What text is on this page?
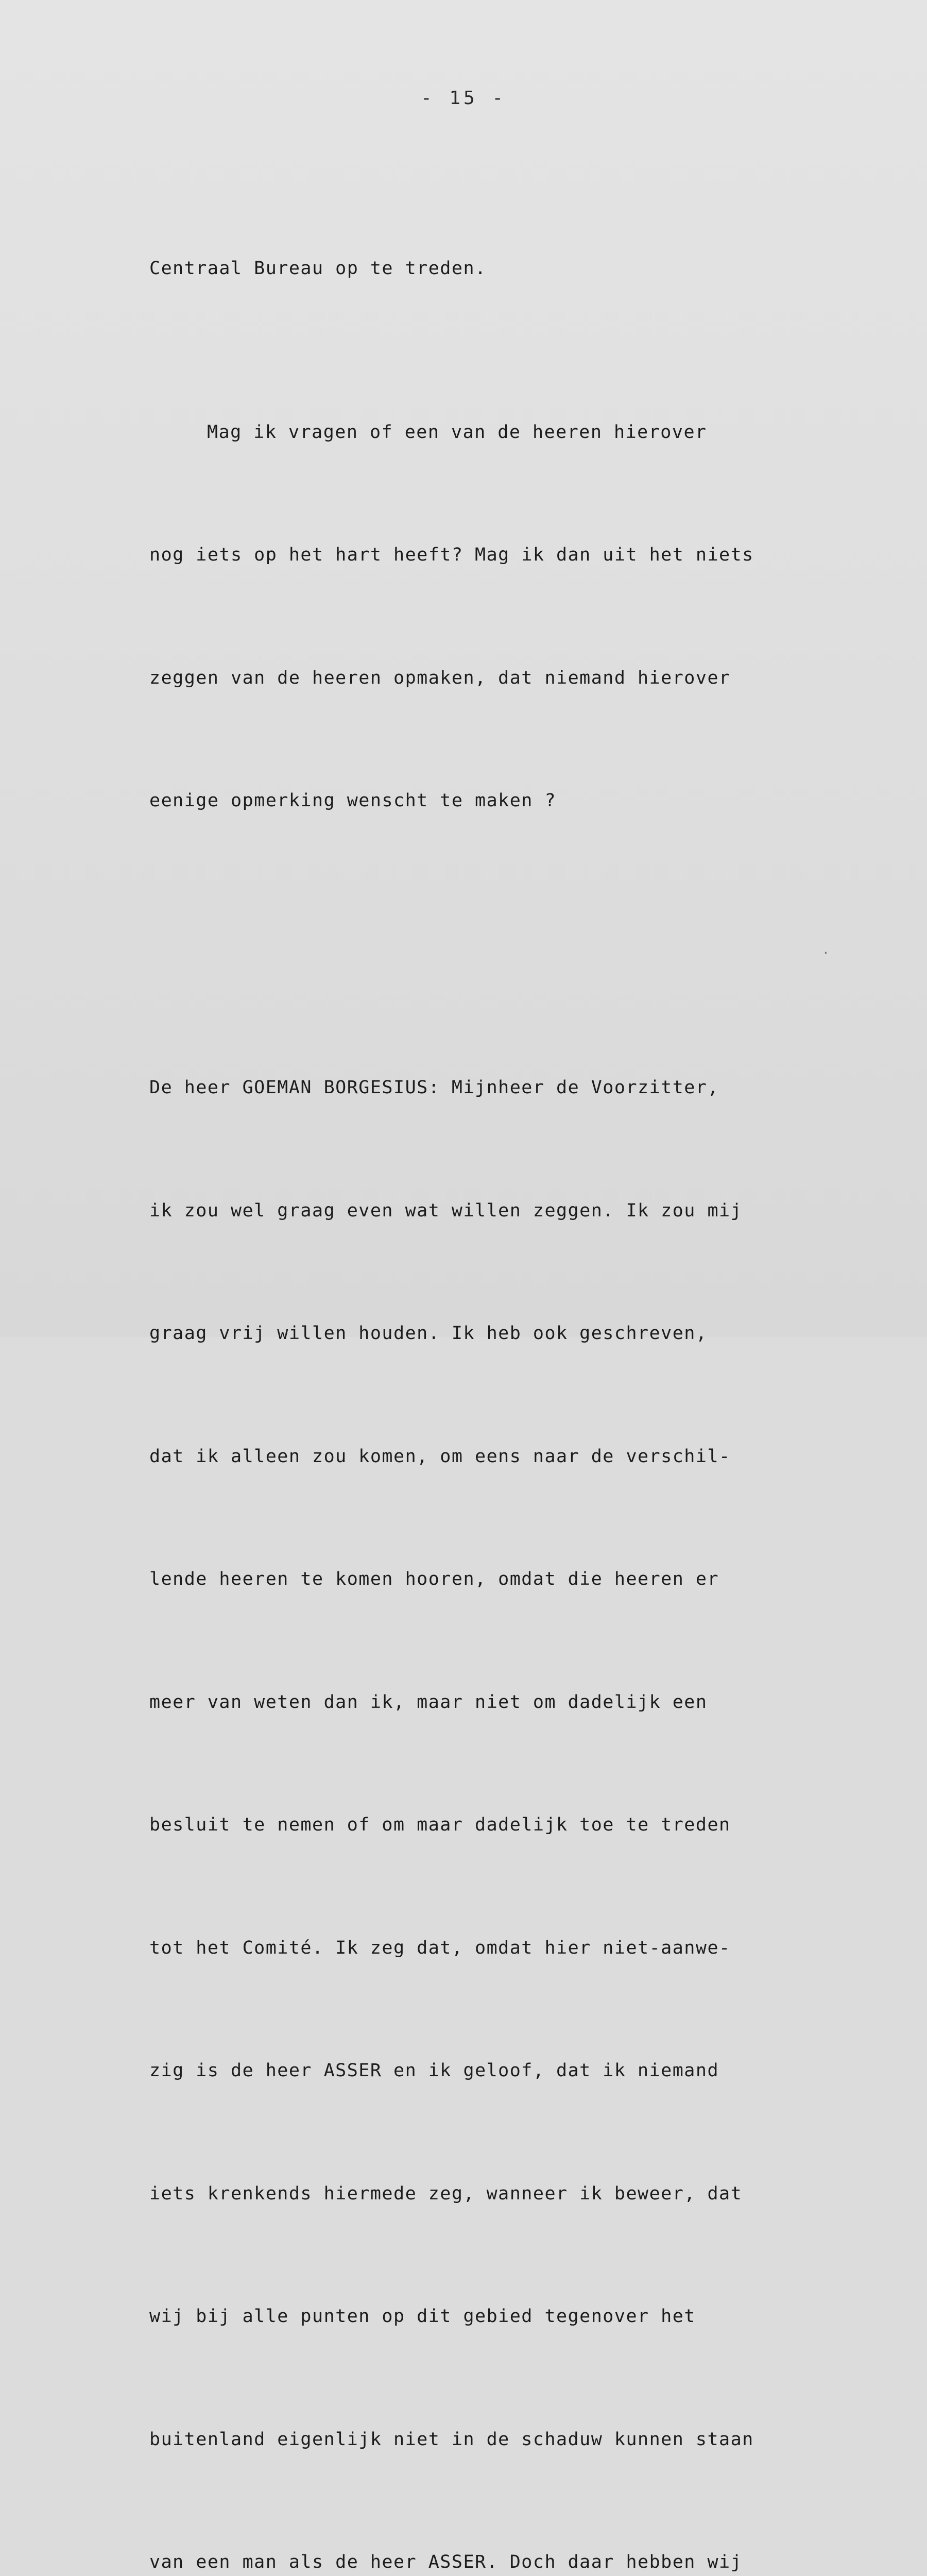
- 15 -

Centraal Bureau op te treden.

Mag ik vragen of een van de heeren hierover

nog iets op het hart heeft? Mag ik dan uit het niets

zeggen van de heeren opmaken, dat niemand hierover

eenige opmerking wenscht te maken ?

De heer GOEMAN BORGESIUS: Mijnheer de Voorzitter,

ik zou wel graag even wat willen zeggen. Ik zou mij

graag vrij willen houden. Ik heb ook geschreven,

dat ik alleen zou komen, om eens naar de verschil-

lende heeren te komen hooren, omdat die heeren er

meer van weten dan ik, maar niet om dadelijk een

besluit te nemen of om maar dadelijk toe te treden

tot het Comité. Ik zeg dat, omdat hier niet-aanwe-

zig is de heer ASSER en ik geloof, dat ik niemand

iets krenkends hiermede zeg, wanneer ik beweer, dat

wij bij alle punten op dit gebied tegenover het

buitenland eigenlijk niet in de schaduw kunnen staan

van een man als de heer ASSER. Doch daar hebben wij

·
